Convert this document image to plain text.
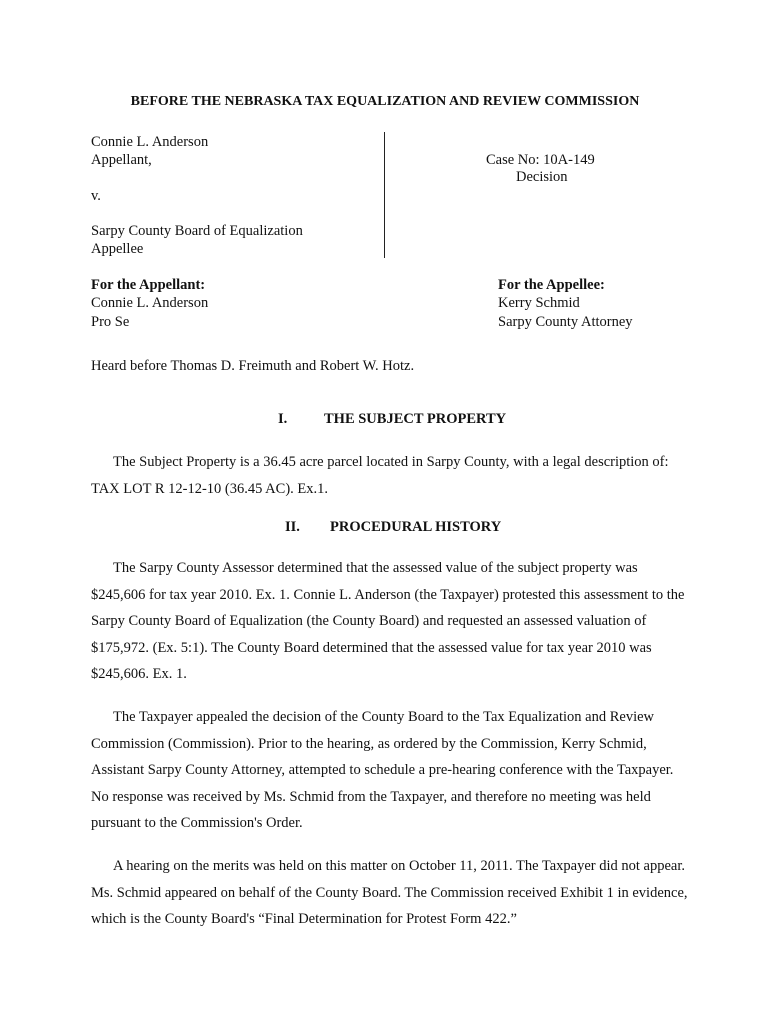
BEFORE THE NEBRASKA TAX EQUALIZATION AND REVIEW COMMISSION
Connie L. Anderson
Appellant,
v.
Sarpy County Board of Equalization
Appellee
Case No: 10A-149
Decision
For the Appellant:
Connie L. Anderson
Pro Se
For the Appellee:
Kerry Schmid
Sarpy County Attorney
Heard before Thomas D. Freimuth and Robert W. Hotz.
I.	THE SUBJECT PROPERTY
The Subject Property is a 36.45 acre parcel located in Sarpy County, with a legal description of: TAX LOT R 12-12-10 (36.45 AC). Ex.1.
II. PROCEDURAL HISTORY
The Sarpy County Assessor determined that the assessed value of the subject property was $245,606 for tax year 2010. Ex. 1. Connie L. Anderson (the Taxpayer) protested this assessment to the Sarpy County Board of Equalization (the County Board) and requested an assessed valuation of $175,972. (Ex. 5:1). The County Board determined that the assessed value for tax year 2010 was $245,606. Ex. 1.
The Taxpayer appealed the decision of the County Board to the Tax Equalization and Review Commission (Commission). Prior to the hearing, as ordered by the Commission, Kerry Schmid, Assistant Sarpy County Attorney, attempted to schedule a pre-hearing conference with the Taxpayer. No response was received by Ms. Schmid from the Taxpayer, and therefore no meeting was held pursuant to the Commission's Order.
A hearing on the merits was held on this matter on October 11, 2011. The Taxpayer did not appear. Ms. Schmid appeared on behalf of the County Board. The Commission received Exhibit 1 in evidence, which is the County Board's “Final Determination for Protest Form 422.”
